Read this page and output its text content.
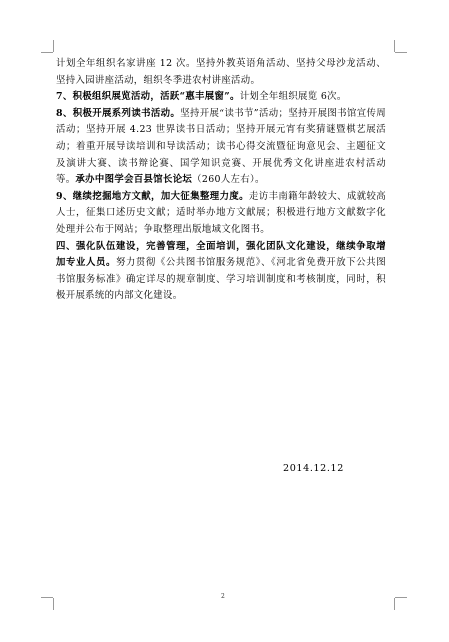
计划全年组织名家讲座 12 次。坚持外教英语角活动、坚持父母沙龙活动、坚持入园讲座活动，组织冬季进农村讲座活动。

7、积极组织展览活动，活跃“惠丰展窗”。计划全年组织展览 6次。

8、积极开展系列读书活动。坚持开展“读书节”活动；坚持开展图书馆宣传周活动；坚持开展 4.23 世界读书日活动；坚持开展元宵有奖猜谜暨棋艺展活动；着重开展导读培训和导读活动；读书心得交流暨征询意见会、主题征文及演讲大赛、读书辩论赛、国学知识竞赛、开展优秀文化讲座进农村活动等。承办中图学会百县馆长论坛（260人左右）。

9、继续挖掘地方文献，加大征集整理力度。走访丰南籍年龄较大、成就较高人士，征集口述历史文献；适时举办地方文献展；积极进行地方文献数字化处理并公布于网站；争取整理出版地域文化图书。

四、强化队伍建设，完善管理，全面培训，强化团队文化建设，继续争取增加专业人员。努力贯彻《公共图书馆服务规范》、《河北省免费开放下公共图书馆服务标准》确定详尽的规章制度、学习培训制度和考核制度，同时，积极开展系统的内部文化建设。

2014.12.12
2
